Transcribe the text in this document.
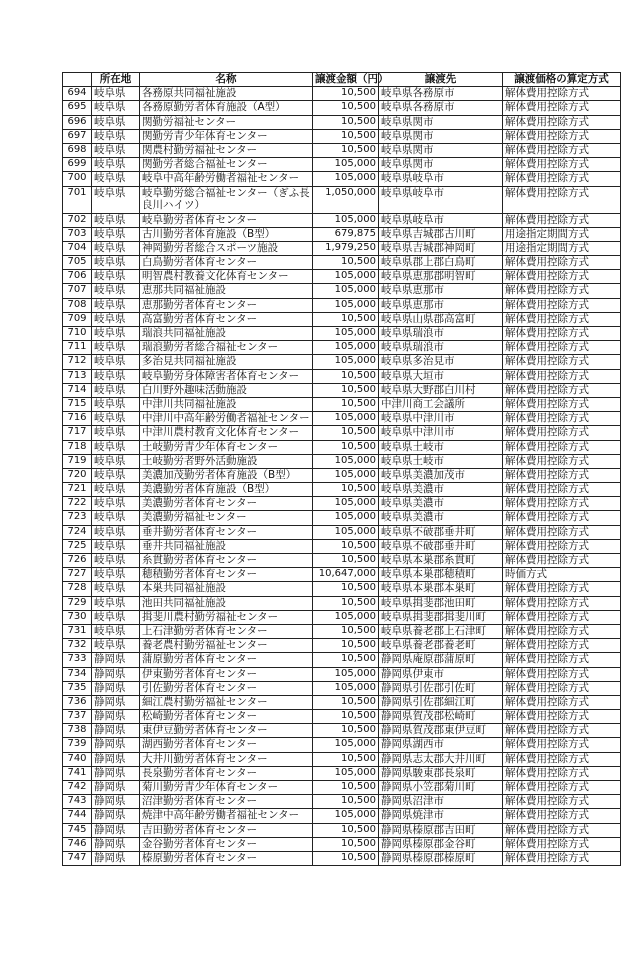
	所在地	名称	譲渡金額（円）	譲渡先	譲渡価格の算定方式
694	岐阜県	各務原共同福祉施設	10,500	岐阜県各務原市	解体費用控除方式
695	岐阜県	各務原勤労者体育施設（A型）	10,500	岐阜県各務原市	解体費用控除方式
696	岐阜県	関勤労福祉センター	10,500	岐阜県関市	解体費用控除方式
697	岐阜県	関勤労青少年体育センター	10,500	岐阜県関市	解体費用控除方式
698	岐阜県	関農村勤労福祉センター	10,500	岐阜県関市	解体費用控除方式
699	岐阜県	関勤労者総合福祉センター	105,000	岐阜県関市	解体費用控除方式
700	岐阜県	岐阜中高年齢労働者福祉センター	105,000	岐阜県岐阜市	解体費用控除方式
701	岐阜県	岐阜勤労総合福祉センター（ぎふ長良川ハイツ）	1,050,000	岐阜県岐阜市	解体費用控除方式
702	岐阜県	岐阜勤労者体育センター	105,000	岐阜県岐阜市	解体費用控除方式
703	岐阜県	古川勤労者体育施設（B型）	679,875	岐阜県吉城郡古川町	用途指定期間方式
704	岐阜県	神岡勤労者総合スポーツ施設	1,979,250	岐阜県吉城郡神岡町	用途指定期間方式
705	岐阜県	白鳥勤労者体育センター	10,500	岐阜県郡上郡白鳥町	解体費用控除方式
706	岐阜県	明智農村教養文化体育センター	105,000	岐阜県恵那郡明智町	解体費用控除方式
707	岐阜県	恵那共同福祉施設	105,000	岐阜県恵那市	解体費用控除方式
708	岐阜県	恵那勤労者体育センター	105,000	岐阜県恵那市	解体費用控除方式
709	岐阜県	高富勤労者体育センター	10,500	岐阜県山県郡高富町	解体費用控除方式
710	岐阜県	瑞浪共同福祉施設	105,000	岐阜県瑞浪市	解体費用控除方式
711	岐阜県	瑞浪勤労者総合福祉センター	105,000	岐阜県瑞浪市	解体費用控除方式
712	岐阜県	多治見共同福祉施設	105,000	岐阜県多治見市	解体費用控除方式
713	岐阜県	岐阜勤労身体障害者体育センター	10,500	岐阜県大垣市	解体費用控除方式
714	岐阜県	白川野外趣味活動施設	10,500	岐阜県大野郡白川村	解体費用控除方式
715	岐阜県	中津川共同福祉施設	10,500	中津川商工会議所	解体費用控除方式
716	岐阜県	中津川中高年齢労働者福祉センター	105,000	岐阜県中津川市	解体費用控除方式
717	岐阜県	中津川農村教育文化体育センター	10,500	岐阜県中津川市	解体費用控除方式
718	岐阜県	土岐勤労青少年体育センター	10,500	岐阜県土岐市	解体費用控除方式
719	岐阜県	土岐勤労者野外活動施設	105,000	岐阜県土岐市	解体費用控除方式
720	岐阜県	美濃加茂勤労者体育施設（B型）	105,000	岐阜県美濃加茂市	解体費用控除方式
721	岐阜県	美濃勤労者体育施設（B型）	10,500	岐阜県美濃市	解体費用控除方式
722	岐阜県	美濃勤労者体育センター	105,000	岐阜県美濃市	解体費用控除方式
723	岐阜県	美濃勤労福祉センター	105,000	岐阜県美濃市	解体費用控除方式
724	岐阜県	垂井勤労者体育センター	105,000	岐阜県不破郡垂井町	解体費用控除方式
725	岐阜県	垂井共同福祉施設	10,500	岐阜県不破郡垂井町	解体費用控除方式
726	岐阜県	糸貫勤労者体育センター	10,500	岐阜県本巣郡糸貫町	解体費用控除方式
727	岐阜県	穂積勤労者体育センター	10,647,000	岐阜県本巣郡穂積町	時価方式
728	岐阜県	本巣共同福祉施設	10,500	岐阜県本巣郡本巣町	解体費用控除方式
729	岐阜県	池田共同福祉施設	10,500	岐阜県揖斐郡池田町	解体費用控除方式
730	岐阜県	揖斐川農村勤労福祉センター	105,000	岐阜県揖斐郡揖斐川町	解体費用控除方式
731	岐阜県	上石津勤労者体育センター	10,500	岐阜県養老郡上石津町	解体費用控除方式
732	岐阜県	養老農村勤労福祉センター	10,500	岐阜県養老郡養老町	解体費用控除方式
733	静岡県	蒲原勤労者体育センター	10,500	静岡県庵原郡蒲原町	解体費用控除方式
734	静岡県	伊東勤労者体育センター	105,000	静岡県伊東市	解体費用控除方式
735	静岡県	引佐勤労者体育センター	105,000	静岡県引佐郡引佐町	解体費用控除方式
736	静岡県	細江農村勤労福祉センター	10,500	静岡県引佐郡細江町	解体費用控除方式
737	静岡県	松崎勤労者体育センター	10,500	静岡県賀茂郡松崎町	解体費用控除方式
738	静岡県	東伊豆勤労者体育センター	10,500	静岡県賀茂郡東伊豆町	解体費用控除方式
739	静岡県	湖西勤労者体育センター	105,000	静岡県湖西市	解体費用控除方式
740	静岡県	大井川勤労者体育センター	10,500	静岡県志太郡大井川町	解体費用控除方式
741	静岡県	長泉勤労者体育センター	105,000	静岡県駿東郡長泉町	解体費用控除方式
742	静岡県	菊川勤労青少年体育センター	10,500	静岡県小笠郡菊川町	解体費用控除方式
743	静岡県	沼津勤労者体育センター	10,500	静岡県沼津市	解体費用控除方式
744	静岡県	焼津中高年齢労働者福祉センター	105,000	静岡県焼津市	解体費用控除方式
745	静岡県	吉田勤労者体育センター	10,500	静岡県榛原郡吉田町	解体費用控除方式
746	静岡県	金谷勤労者体育センター	10,500	静岡県榛原郡金谷町	解体費用控除方式
747	静岡県	榛原勤労者体育センター	10,500	静岡県榛原郡榛原町	解体費用控除方式
